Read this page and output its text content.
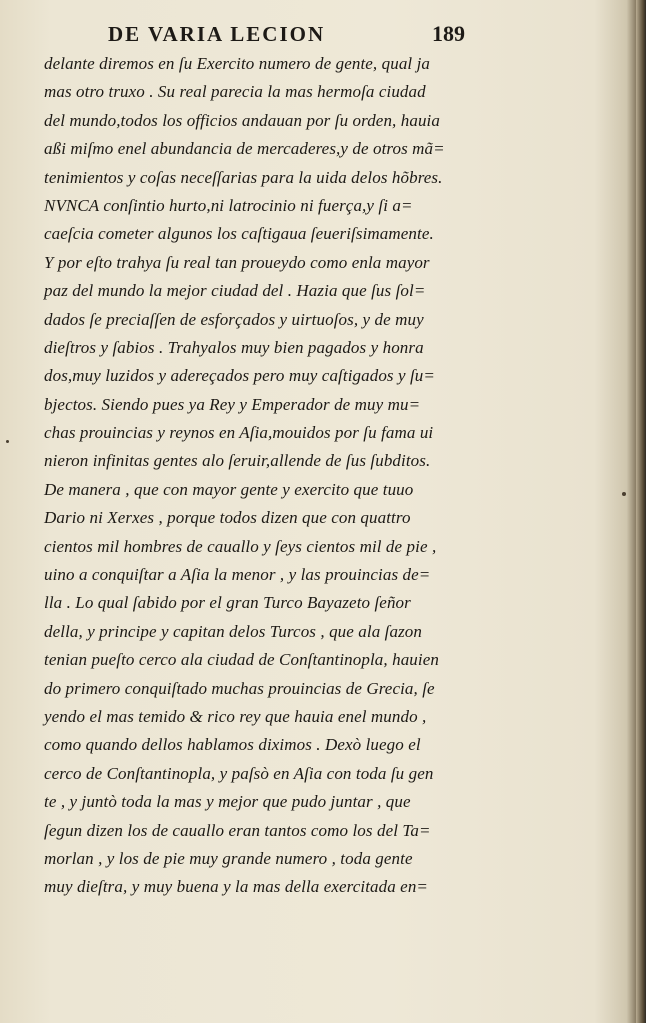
DE VARIA LECION	189
delante diremos en ſu Exercito numero de gente, qual ja
mas otro truxo . Su real parecia la mas hermoſa ciudad
del mundo,todos los officios andauan por ſu orden, hauia
aßi miſmo enel abundancia de mercaderes,y de otros mã=
tenimientos y coſas neceſſarias para la uida delos hõbres.
NVNCA conſintio hurto,ni latrocinio ni fuerça,y ſi a=
caeſcia cometer algunos los caſtigaua ſeueriſsimamente.
Y por eſto trahya ſu real tan proueydo como enla mayor
paz del mundo la mejor ciudad del . Hazia que ſus ſol=
dados ſe preciaſſen de esforçados y uirtuoſos, y de muy
dieſtros y ſabios . Trahyalos muy bien pagados y honra
dos,muy luzidos y adereçados pero muy caſtigados y ſu=
bjectos. Siendo pues ya Rey y Emperador de muy mu=
chas prouincias y reynos en Aſia,mouidos por ſu fama ui
nieron infinitas gentes alo ſeruir,allende de ſus ſubditos.
De manera , que con mayor gente y exercito que tuuo
Dario ni Xerxes , porque todos dizen que con quattro
cientos mil hombres de cauallo y ſeys cientos mil de pie ,
uino a conquiſtar a Aſia la menor , y las prouincias de=
lla . Lo qual ſabido por el gran Turco Bayazeto ſeñor
della, y principe y capitan delos Turcos , que ala ſazon
tenian pueſto cerco ala ciudad de Conſtantinopla, hauien
do primero conquiſtado muchas prouincias de Grecia, ſe
yendo el mas temido & rico rey que hauia enel mundo ,
como quando dellos hablamos diximos . Dexò luego el
cerco de Conſtantinopla, y paſsò en Aſia con toda ſu gen
te , y juntò toda la mas y mejor que pudo juntar , que
ſegun dizen los de cauallo eran tantos como los del Ta=
morlan , y los de pie muy grande numero , toda gente
muy dieſtra, y muy buena y la mas della exercitada en=
